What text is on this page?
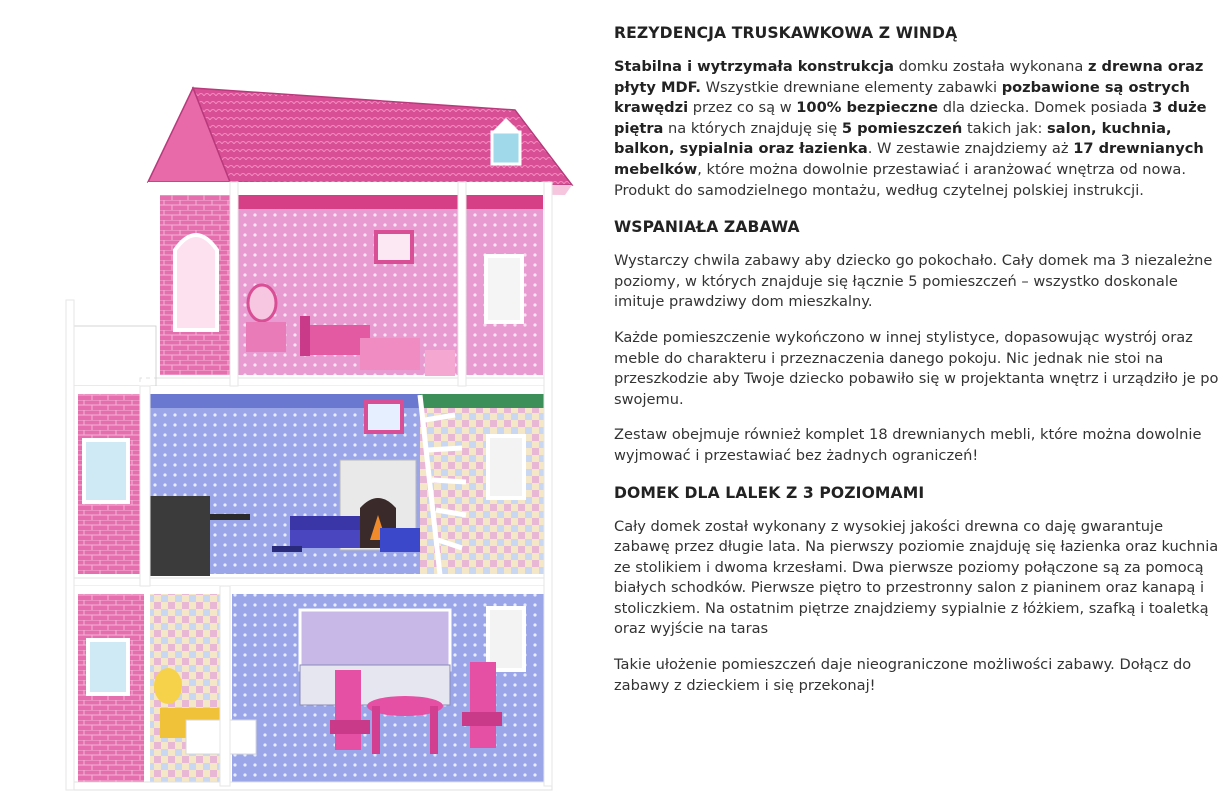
REZYDENCJA TRUSKAWKOWA Z WINDĄ

Stabilna i wytrzymała konstrukcja domku została wykonana z drewna oraz płyty MDF. Wszystkie drewniane elementy zabawki pozbawione są ostrych krawędzi przez co są w 100% bezpieczne dla dziecka. Domek posiada 3 duże piętra na których znajduję się 5 pomieszczeń takich jak: salon, kuchnia, balkon, sypialnia oraz łazienka. W zestawie znajdziemy aż 17 drewnianych mebelków, które można dowolnie przestawiać i aranżować wnętrza od nowa. Produkt do samodzielnego montażu, według czytelnej polskiej instrukcji.

WSPANIAŁA ZABAWA

Wystarczy chwila zabawy aby dziecko go pokochało. Cały domek ma 3 niezależne poziomy, w których znajduje się łącznie 5 pomieszczeń – wszystko doskonale imituje prawdziwy dom mieszkalny.

Każde pomieszczenie wykończono w innej stylistyce, dopasowując wystrój oraz meble do charakteru i przeznaczenia danego pokoju. Nic jednak nie stoi na przeszkodzie aby Twoje dziecko pobawiło się w projektanta wnętrz i urządziło je po swojemu.

Zestaw obejmuje również komplet 18 drewnianych mebli, które można dowolnie wyjmować i przestawiać bez żadnych ograniczeń!

DOMEK DLA LALEK Z 3 POZIOMAMI

Cały domek został wykonany z wysokiej jakości drewna co daję gwarantuje zabawę przez długie lata. Na pierwszy poziomie znajduję się łazienka oraz kuchnia ze stolikiem i dwoma krzesłami. Dwa pierwsze poziomy połączone są za pomocą białych schodków. Pierwsze piętro to przestronny salon z pianinem oraz kanapą i stoliczkiem. Na ostatnim piętrze znajdziemy sypialnie z łóżkiem, szafką i toaletką oraz wyjście na taras

Takie ułożenie pomieszczeń daje nieograniczone możliwości zabawy. Dołącz do zabawy z dzieckiem i się przekonaj!
